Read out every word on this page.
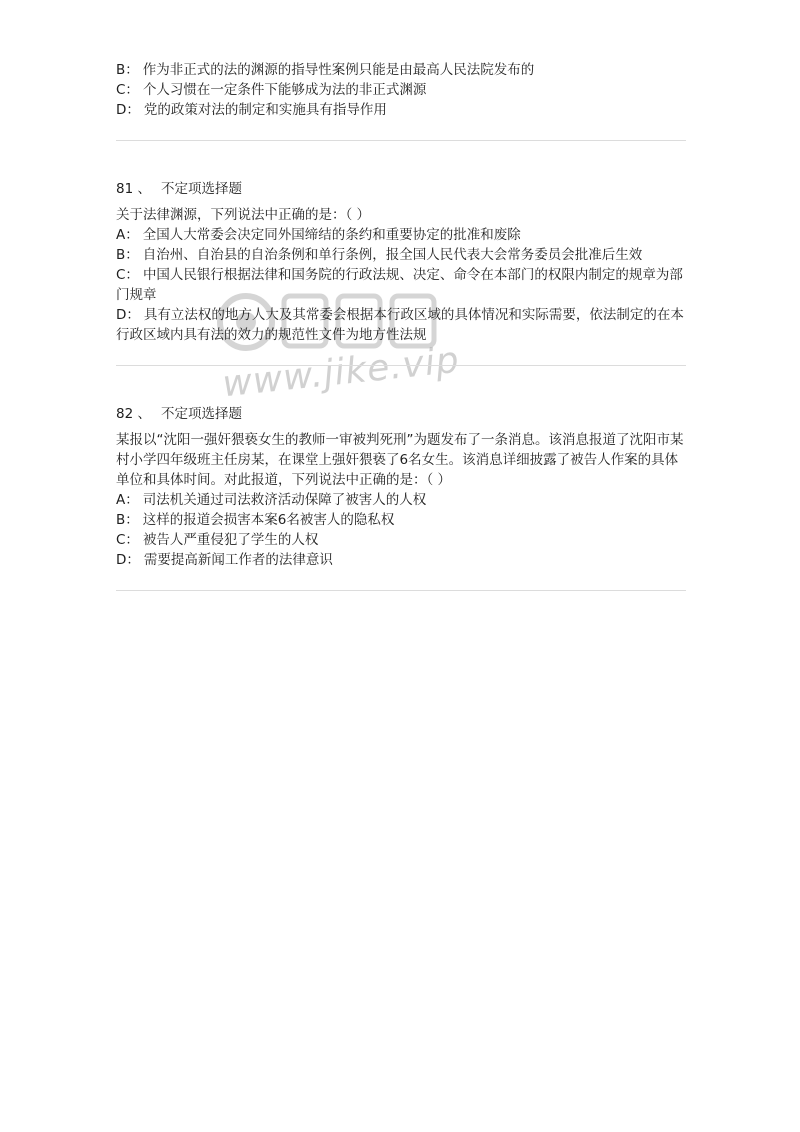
www.jike.vip
B： 作为非正式的法的渊源的指导性案例只能是由最高人民法院发布的
C： 个人习惯在一定条件下能够成为法的非正式渊源
D： 党的政策对法的制定和实施具有指导作用
81 、 不定项选择题
关于法律渊源，下列说法中正确的是：（ ）
A： 全国人大常委会决定同外国缔结的条约和重要协定的批准和废除
B： 自治州、自治县的自治条例和单行条例，报全国人民代表大会常务委员会批准后生效
C： 中国人民银行根据法律和国务院的行政法规、决定、命令在本部门的权限内制定的规章为部门规章
D： 具有立法权的地方人大及其常委会根据本行政区域的具体情况和实际需要，依法制定的在本行政区域内具有法的效力的规范性文件为地方性法规
82 、 不定项选择题
某报以“沈阳一强奸猥亵女生的教师一审被判死刑”为题发布了一条消息。该消息报道了沈阳市某村小学四年级班主任房某，在课堂上强奸猥亵了6名女生。该消息详细披露了被告人作案的具体单位和具体时间。对此报道，下列说法中正确的是：（ ）
A： 司法机关通过司法救济活动保障了被害人的人权
B： 这样的报道会损害本案6名被害人的隐私权
C： 被告人严重侵犯了学生的人权
D： 需要提高新闻工作者的法律意识
